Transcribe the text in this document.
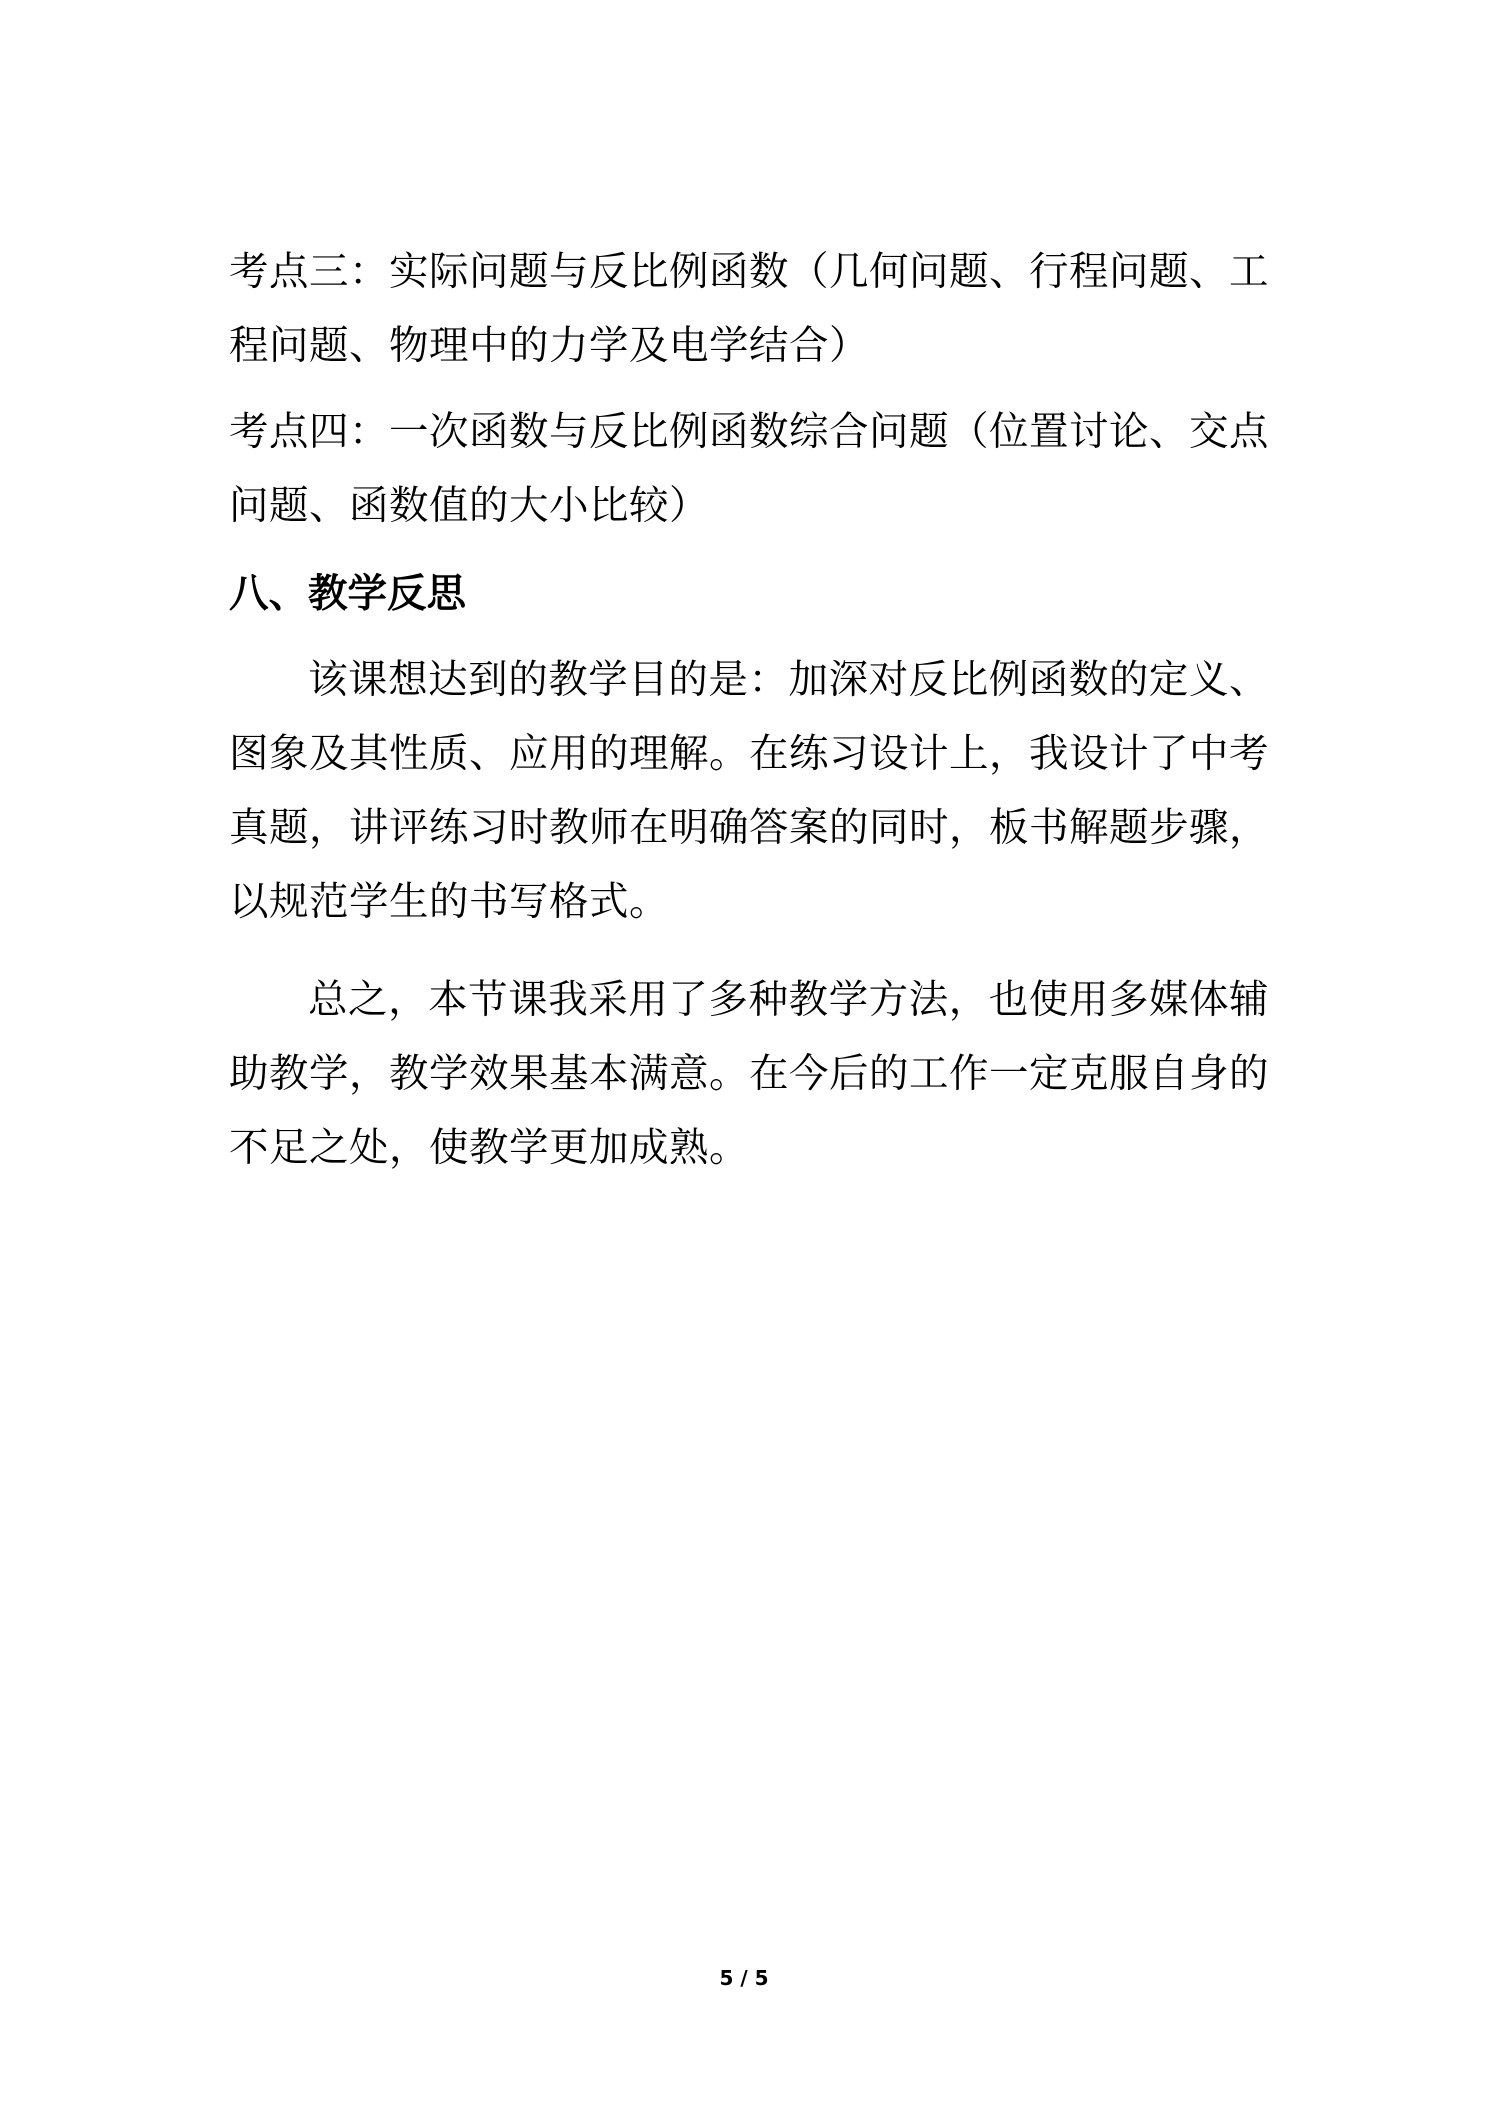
考点三：实际问题与反比例函数（几何问题、行程问题、工程问题、物理中的力学及电学结合）

考点四：一次函数与反比例函数综合问题（位置讨论、交点问题、函数值的大小比较）

八、教学反思

该课想达到的教学目的是：加深对反比例函数的定义、图象及其性质、应用的理解。在练习设计上，我设计了中考真题，讲评练习时教师在明确答案的同时，板书解题步骤，以规范学生的书写格式。

总之，本节课我采用了多种教学方法，也使用多媒体辅助教学，教学效果基本满意。在今后的工作一定克服自身的不足之处，使教学更加成熟。

5 / 5
